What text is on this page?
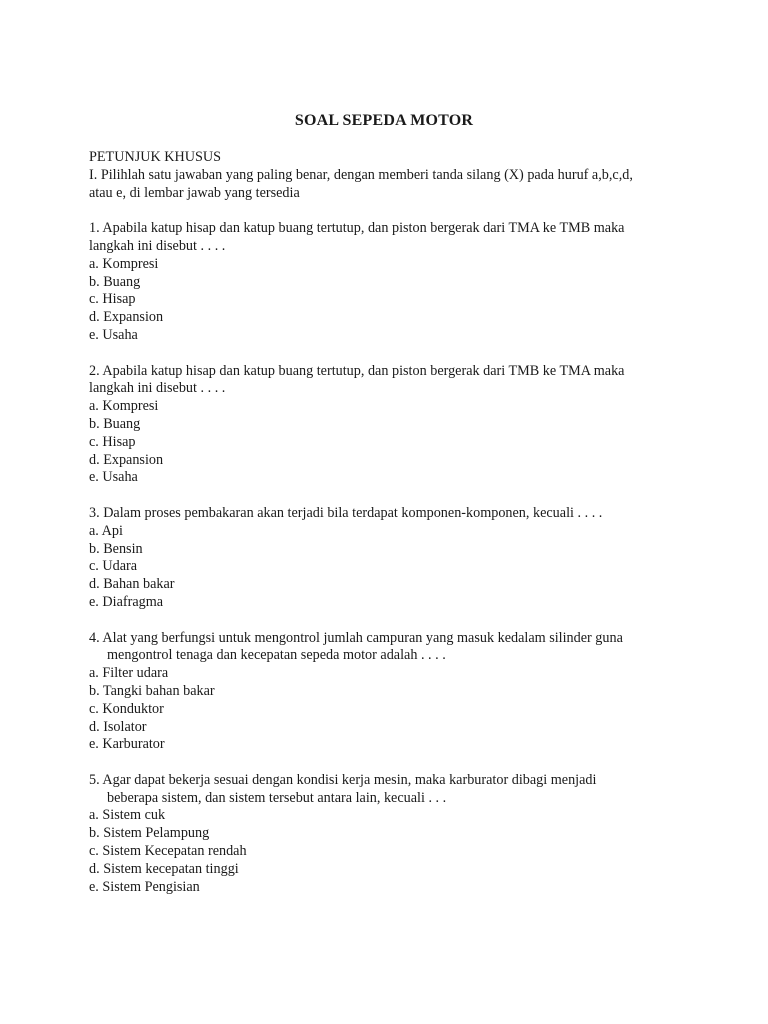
SOAL SEPEDA MOTOR

PETUNJUK KHUSUS

I. Pilihlah satu jawaban yang paling benar, dengan memberi tanda silang (X) pada huruf a,b,c,d,

atau e, di lembar jawab yang tersedia

1. Apabila katup hisap dan katup buang tertutup, dan piston bergerak dari TMA ke TMB maka

langkah ini disebut . . . .

a. Kompresi

b. Buang

c. Hisap

d. Expansion

e. Usaha

2. Apabila katup hisap dan katup buang tertutup, dan piston bergerak dari TMB ke TMA maka

langkah ini disebut . . . .

a. Kompresi

b. Buang

c. Hisap

d. Expansion

e. Usaha

3. Dalam proses pembakaran akan terjadi bila terdapat komponen-komponen, kecuali . . . .

a. Api

b. Bensin

c. Udara

d. Bahan bakar

e. Diafragma

4. Alat yang berfungsi untuk mengontrol jumlah campuran yang masuk kedalam silinder guna

mengontrol tenaga dan kecepatan sepeda motor adalah . . . .

a. Filter udara

b. Tangki bahan bakar

c. Konduktor

d. Isolator

e. Karburator

5. Agar dapat bekerja sesuai dengan kondisi kerja mesin, maka karburator dibagi menjadi

beberapa sistem, dan sistem tersebut antara lain, kecuali . . .

a. Sistem cuk

b. Sistem Pelampung

c. Sistem Kecepatan rendah

d. Sistem kecepatan tinggi

e. Sistem Pengisian
